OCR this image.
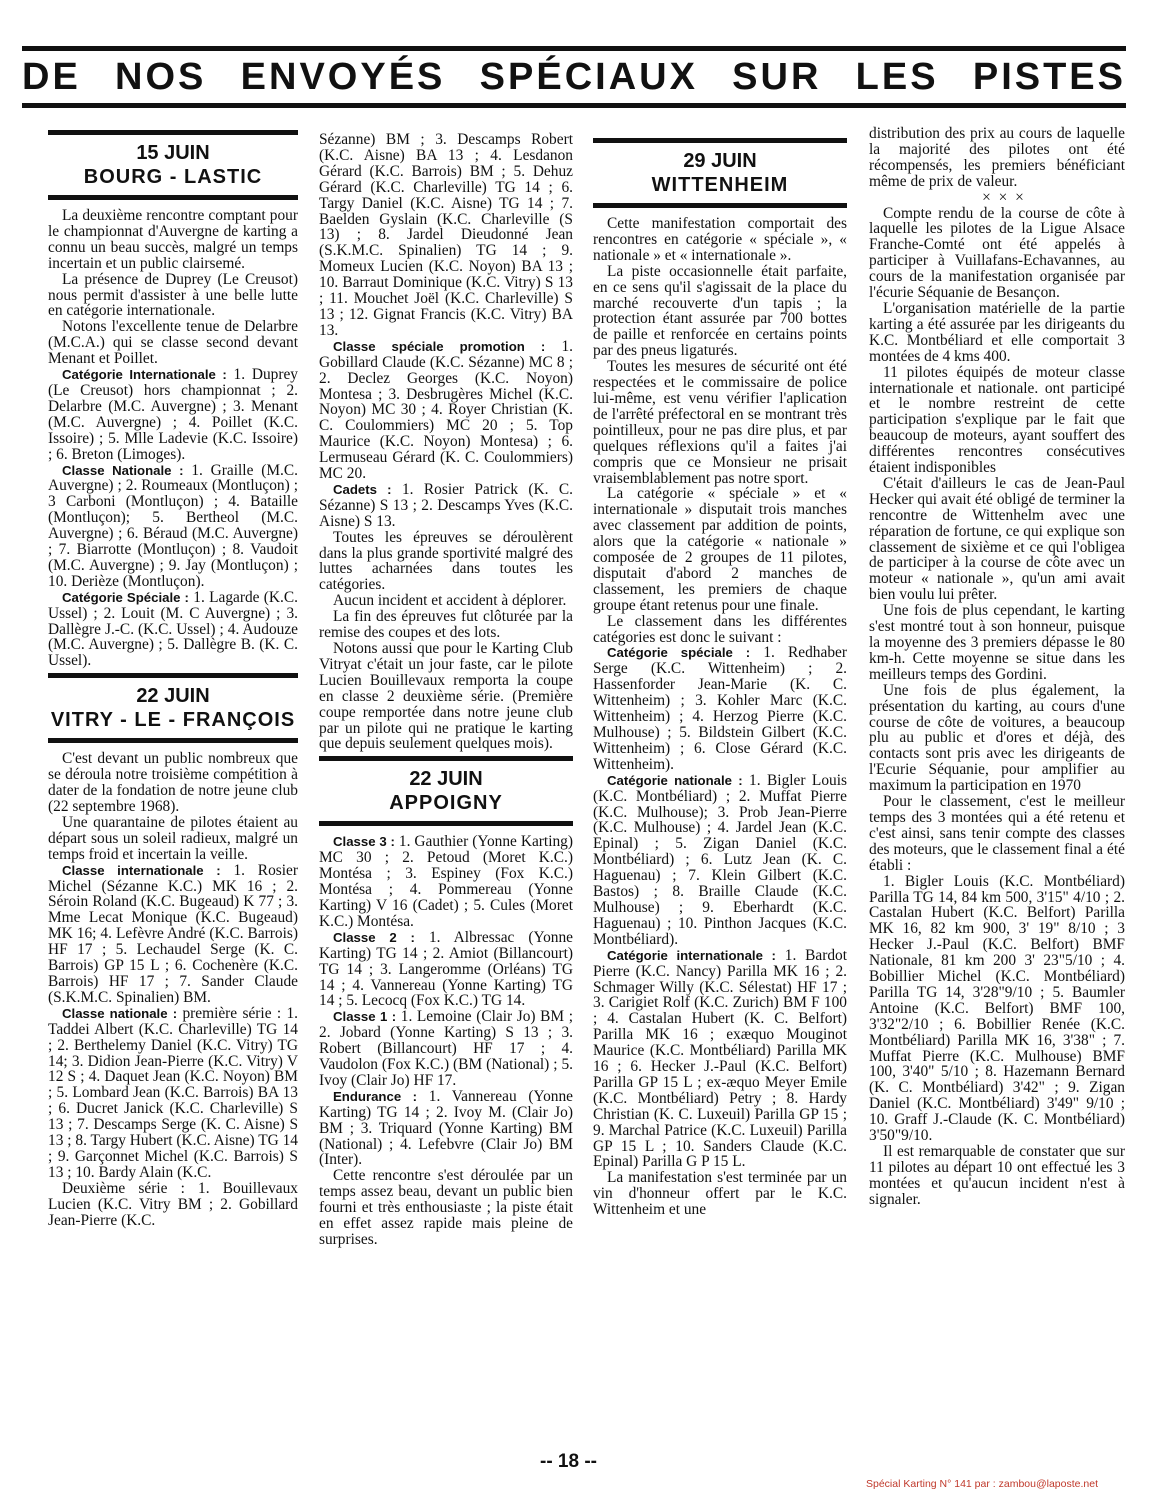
DE NOS ENVOYÉS SPÉCIAUX SUR LES PISTES
15 JUIN
BOURG - LASTIC

La deuxième rencontre comptant pour le championnat d'Auvergne de karting a connu un beau succès, malgré un temps incertain et un public clairsemé.

La présence de Duprey (Le Creusot) nous permit d'assister à une belle lutte en catégorie internationale.

Notons l'excellente tenue de Delarbre (M.C.A.) qui se classe second devant Menant et Poillet.

Catégorie Internationale : 1. Duprey (Le Creusot) hors championnat ; 2. Delarbre (M.C. Auvergne) ; 3. Menant (M.C. Auvergne) ; 4. Poillet (K.C. Issoire) ; 5. Mlle Ladevie (K.C. Issoire) ; 6. Breton (Limoges).

Classe Nationale : 1. Graille (M.C. Auvergne) ; 2. Roumeaux (Montluçon) ; 3 Carboni (Montluçon) ; 4. Bataille (Montluçon); 5. Bertheol (M.C. Auvergne) ; 6. Béraud (M.C. Auvergne) ; 7. Biarrotte (Montluçon) ; 8. Vaudoit (M.C. Auvergne) ; 9. Jay (Montluçon) ; 10. Derièze (Montluçon).

Catégorie Spéciale : 1. Lagarde (K.C. Ussel) ; 2. Louit (M. C Auvergne) ; 3. Dallègre J.-C. (K.C. Ussel) ; 4. Audouze (M.C. Auvergne) ; 5. Dallègre B. (K. C. Ussel).

22 JUIN
VITRY - LE - FRANÇOIS

C'est devant un public nombreux que se déroula notre troisième compétition à dater de la fondation de notre jeune club (22 septembre 1968).

Une quarantaine de pilotes étaient au départ sous un soleil radieux, malgré un temps froid et incertain la veille.

Classe internationale : 1. Rosier Michel (Sézanne K.C.) MK 16 ; 2. Séroin Roland (K.C. Bugeaud) K 77 ; 3. Mme Lecat Monique (K.C. Bugeaud) MK 16; 4. Lefèvre André (K.C. Barrois) HF 17 ; 5. Lechaudel Serge (K. C. Barrois) GP 15 L ; 6. Cochenère (K.C. Barrois) HF 17 ; 7. Sander Claude (S.K.M.C. Spinalien) BM.

Classe nationale : première série : 1. Taddei Albert (K.C. Charleville) TG 14 ; 2. Berthelemy Daniel (K.C. Vitry) TG 14; 3. Didion Jean-Pierre (K.C. Vitry) V 12 S ; 4. Daquet Jean (K.C. Noyon) BM ; 5. Lombard Jean (K.C. Barrois) BA 13 ; 6. Ducret Janick (K.C. Charleville) S 13 ; 7. Descamps Serge (K. C. Aisne) S 13 ; 8. Targy Hubert (K.C. Aisne) TG 14 ; 9. Garçonnet Michel (K.C. Barrois) S 13 ; 10. Bardy Alain (K.C.

Deuxième série : 1. Bouillevaux Lucien (K.C. Vitry BM ; 2. Gobillard Jean-Pierre (K.C.

Sézanne) BM ; 3. Descamps Robert (K.C. Aisne) BA 13 ; 4. Lesdanon Gérard (K.C. Barrois) BM ; 5. Dehuz Gérard (K.C. Charleville) TG 14 ; 6. Targy Daniel (K.C. Aisne) TG 14 ; 7. Baelden Gyslain (K.C. Charleville (S 13) ; 8. Jardel Dieudonné Jean (S.K.M.C. Spinalien) TG 14 ; 9. Momeux Lucien (K.C. Noyon) BA 13 ; 10. Barraut Dominique (K.C. Vitry) S 13 ; 11. Mouchet Joël (K.C. Charleville) S 13 ; 12. Gignat Francis (K.C. Vitry) BA 13.

Classe spéciale promotion : 1. Gobillard Claude (K.C. Sézanne) MC 8 ; 2. Declez Georges (K.C. Noyon) Montesa ; 3. Desbrugères Michel (K.C. Noyon) MC 30 ; 4. Royer Christian (K. C. Coulommiers) MC 20 ; 5. Top Maurice (K.C. Noyon) Montesa) ; 6. Lermuseau Gérard (K. C. Coulommiers) MC 20.

Cadets : 1. Rosier Patrick (K. C. Sézanne) S 13 ; 2. Descamps Yves (K.C. Aisne) S 13.

Toutes les épreuves se déroulèrent dans la plus grande sportivité malgré des luttes acharnées dans toutes les catégories.

Aucun incident et accident à déplorer.

La fin des épreuves fut clôturée par la remise des coupes et des lots.

Notons aussi que pour le Karting Club Vitryat c'était un jour faste, car le pilote Lucien Bouillevaux remporta la coupe en classe 2 deuxième série. (Première coupe remportée dans notre jeune club par un pilote qui ne pratique le karting que depuis seulement quelques mois).

22 JUIN
APPOIGNY

Classe 3 : 1. Gauthier (Yonne Karting) MC 30 ; 2. Petoud (Moret K.C.) Montésa ; 3. Espiney (Fox K.C.) Montésa ; 4. Pommereau (Yonne Karting) V 16 (Cadet) ; 5. Cules (Moret K.C.) Montésa.

Classe 2 : 1. Albressac (Yonne Karting) TG 14 ; 2. Amiot (Billancourt) TG 14 ; 3. Langeromme (Orléans) TG 14 ; 4. Vannereau (Yonne Karting) TG 14 ; 5. Lecocq (Fox K.C.) TG 14.

Classe 1 : 1. Lemoine (Clair Jo) BM ; 2. Jobard (Yonne Karting) S 13 ; 3. Robert (Billancourt) HF 17 ; 4. Vaudolon (Fox K.C.) (BM (National) ; 5. Ivoy (Clair Jo) HF 17.

Endurance : 1. Vannereau (Yonne Karting) TG 14 ; 2. Ivoy M. (Clair Jo) BM ; 3. Triquard (Yonne Karting) BM (National) ; 4. Lefebvre (Clair Jo) BM (Inter).

Cette rencontre s'est déroulée par un temps assez beau, devant un public bien fourni et très enthousiaste ; la piste était en effet assez rapide mais pleine de surprises.

29 JUIN
WITTENHEIM

Cette manifestation comportait des rencontres en catégorie « spéciale », « nationale » et « internationale ».

La piste occasionnelle était parfaite, en ce sens qu'il s'agissait de la place du marché recouverte d'un tapis ; la protection étant assurée par 700 bottes de paille et renforcée en certains points par des pneus ligaturés.

Toutes les mesures de sécurité ont été respectées et le commissaire de police lui-même, est venu vérifier l'aplication de l'arrêté préfectoral en se montrant très pointilleux, pour ne pas dire plus, et par quelques réflexions qu'il a faites j'ai compris que ce Monsieur ne prisait vraisemblablement pas notre sport.

La catégorie « spéciale » et « internationale » disputait trois manches avec classement par addition de points, alors que la catégorie « nationale » composée de 2 groupes de 11 pilotes, disputait d'abord 2 manches de classement, les premiers de chaque groupe étant retenus pour une finale.

Le classement dans les différentes catégories est donc le suivant :

Catégorie spéciale : 1. Redhaber Serge (K.C. Wittenheim) ; 2. Hassenforder Jean-Marie (K. C. Wittenheim) ; 3. Kohler Marc (K.C. Wittenheim) ; 4. Herzog Pierre (K.C. Mulhouse) ; 5. Bildstein Gilbert (K.C. Wittenheim) ; 6. Close Gérard (K.C. Wittenheim).

Catégorie nationale : 1. Bigler Louis (K.C. Montbéliard) ; 2. Muffat Pierre (K.C. Mulhouse); 3. Prob Jean-Pierre (K.C. Mulhouse) ; 4. Jardel Jean (K.C. Epinal) ; 5. Zigan Daniel (K.C. Montbéliard) ; 6. Lutz Jean (K. C. Haguenau) ; 7. Klein Gilbert (K.C. Bastos) ; 8. Braille Claude (K.C. Mulhouse) ; 9. Eberhardt (K.C. Haguenau) ; 10. Pinthon Jacques (K.C. Montbéliard).

Catégorie internationale : 1. Bardot Pierre (K.C. Nancy) Parilla MK 16 ; 2. Schmager Willy (K.C. Sélestat) HF 17 ; 3. Carigiet Rolf (K.C. Zurich) BM F 100 ; 4. Castalan Hubert (K. C. Belfort) Parilla MK 16 ; exæquo Mouginot Maurice (K.C. Montbéliard) Parilla MK 16 ; 6. Hecker J.-Paul (K.C. Belfort) Parilla GP 15 L ; ex-æquo Meyer Emile (K.C. Montbéliard) Petry ; 8. Hardy Christian (K. C. Luxeuil) Parilla GP 15 ; 9. Marchal Patrice (K.C. Luxeuil) Parilla GP 15 L ; 10. Sanders Claude (K.C. Epinal) Parilla G P 15 L.

La manifestation s'est terminée par un vin d'honneur offert par le K.C. Wittenheim et une

distribution des prix au cours de laquelle la majorité des pilotes ont été récompensés, les premiers bénéficiant même de prix de valeur.

× × ×

Compte rendu de la course de côte à laquelle les pilotes de la Ligue Alsace Franche-Comté ont été appelés à participer à Vuillafans-Echavannes, au cours de la manifestation organisée par l'écurie Séquanie de Besançon.

L'organisation matérielle de la partie karting a été assurée par les dirigeants du K.C. Montbéliard et elle comportait 3 montées de 4 kms 400.

11 pilotes équipés de moteur classe internationale et nationale. ont participé et le nombre restreint de cette participation s'explique par le fait que beaucoup de moteurs, ayant souffert des différentes rencontres consécutives étaient indisponibles

C'était d'ailleurs le cas de Jean-Paul Hecker qui avait été obligé de terminer la rencontre de Wittenhelm avec une réparation de fortune, ce qui explique son classement de sixième et ce qui l'obligea de participer à la course de côte avec un moteur « nationale », qu'un ami avait bien voulu lui prêter.

Une fois de plus cependant, le karting s'est montré tout à son honneur, puisque la moyenne des 3 premiers dépasse le 80 km-h. Cette moyenne se situe dans les meilleurs temps des Gordini.

Une fois de plus également, la présentation du karting, au cours d'une course de côte de voitures, a beaucoup plu au public et d'ores et déjà, des contacts sont pris avec les dirigeants de l'Ecurie Séquanie, pour amplifier au maximum la participation en 1970

Pour le classement, c'est le meilleur temps des 3 montées qui a été retenu et c'est ainsi, sans tenir compte des classes des moteurs, que le classement final a été établi :

1. Bigler Louis (K.C. Montbéliard) Parilla TG 14, 84 km 500, 3'15" 4/10 ; 2. Castalan Hubert (K.C. Belfort) Parilla MK 16, 82 km 900, 3' 19" 8/10 ; 3 Hecker J.-Paul (K.C. Belfort) BMF Nationale, 81 km 200 3' 23"5/10 ; 4. Bobillier Michel (K.C. Montbéliard) Parilla TG 14, 3'28"9/10 ; 5. Baumler Antoine (K.C. Belfort) BMF 100, 3'32"2/10 ; 6. Bobillier Renée (K.C. Montbéliard) Parilla MK 16, 3'38" ; 7. Muffat Pierre (K.C. Mulhouse) BMF 100, 3'40" 5/10 ; 8. Hazemann Bernard (K. C. Montbéliard) 3'42" ; 9. Zigan Daniel (K.C. Montbéliard) 3'49" 9/10 ; 10. Graff J.-Claude (K. C. Montbéliard) 3'50"9/10.

Il est remarquable de constater que sur 11 pilotes au départ 10 ont effectué les 3 montées et qu'aucun incident n'est à signaler.

-- 18 --
Spécial Karting N° 141 par : zambou@laposte.net
